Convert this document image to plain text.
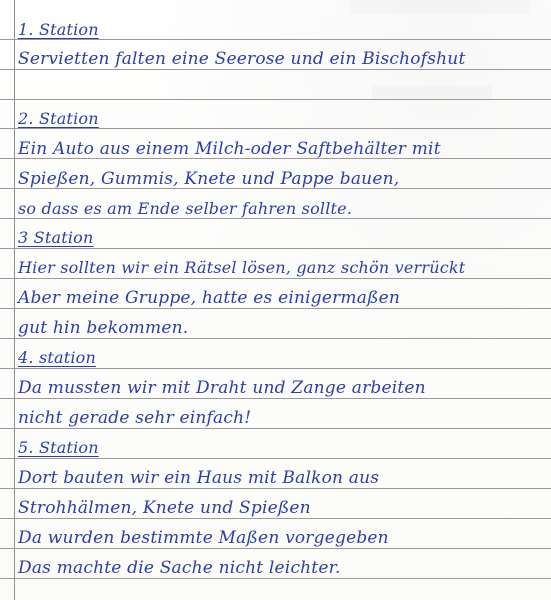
1. Station
Servietten falten eine Seerose und ein Bischofshut
2. Station
Ein Auto aus einem Milch-oder Saftbehälter mit
Spießen, Gummis, Knete und Pappe bauen,
so dass es am Ende selber fahren sollte.
3 Station
Hier sollten wir ein Rätsel lösen, ganz schön verrückt
Aber meine Gruppe, hatte es einigermaßen
gut hin bekommen.
4. station
Da mussten wir mit Draht und Zange arbeiten
nicht gerade sehr einfach!
5. Station
Dort bauten wir ein Haus mit Balkon aus
Strohhälmen, Knete und Spießen
Da wurden bestimmte Maßen vorgegeben
Das machte die Sache nicht leichter.
